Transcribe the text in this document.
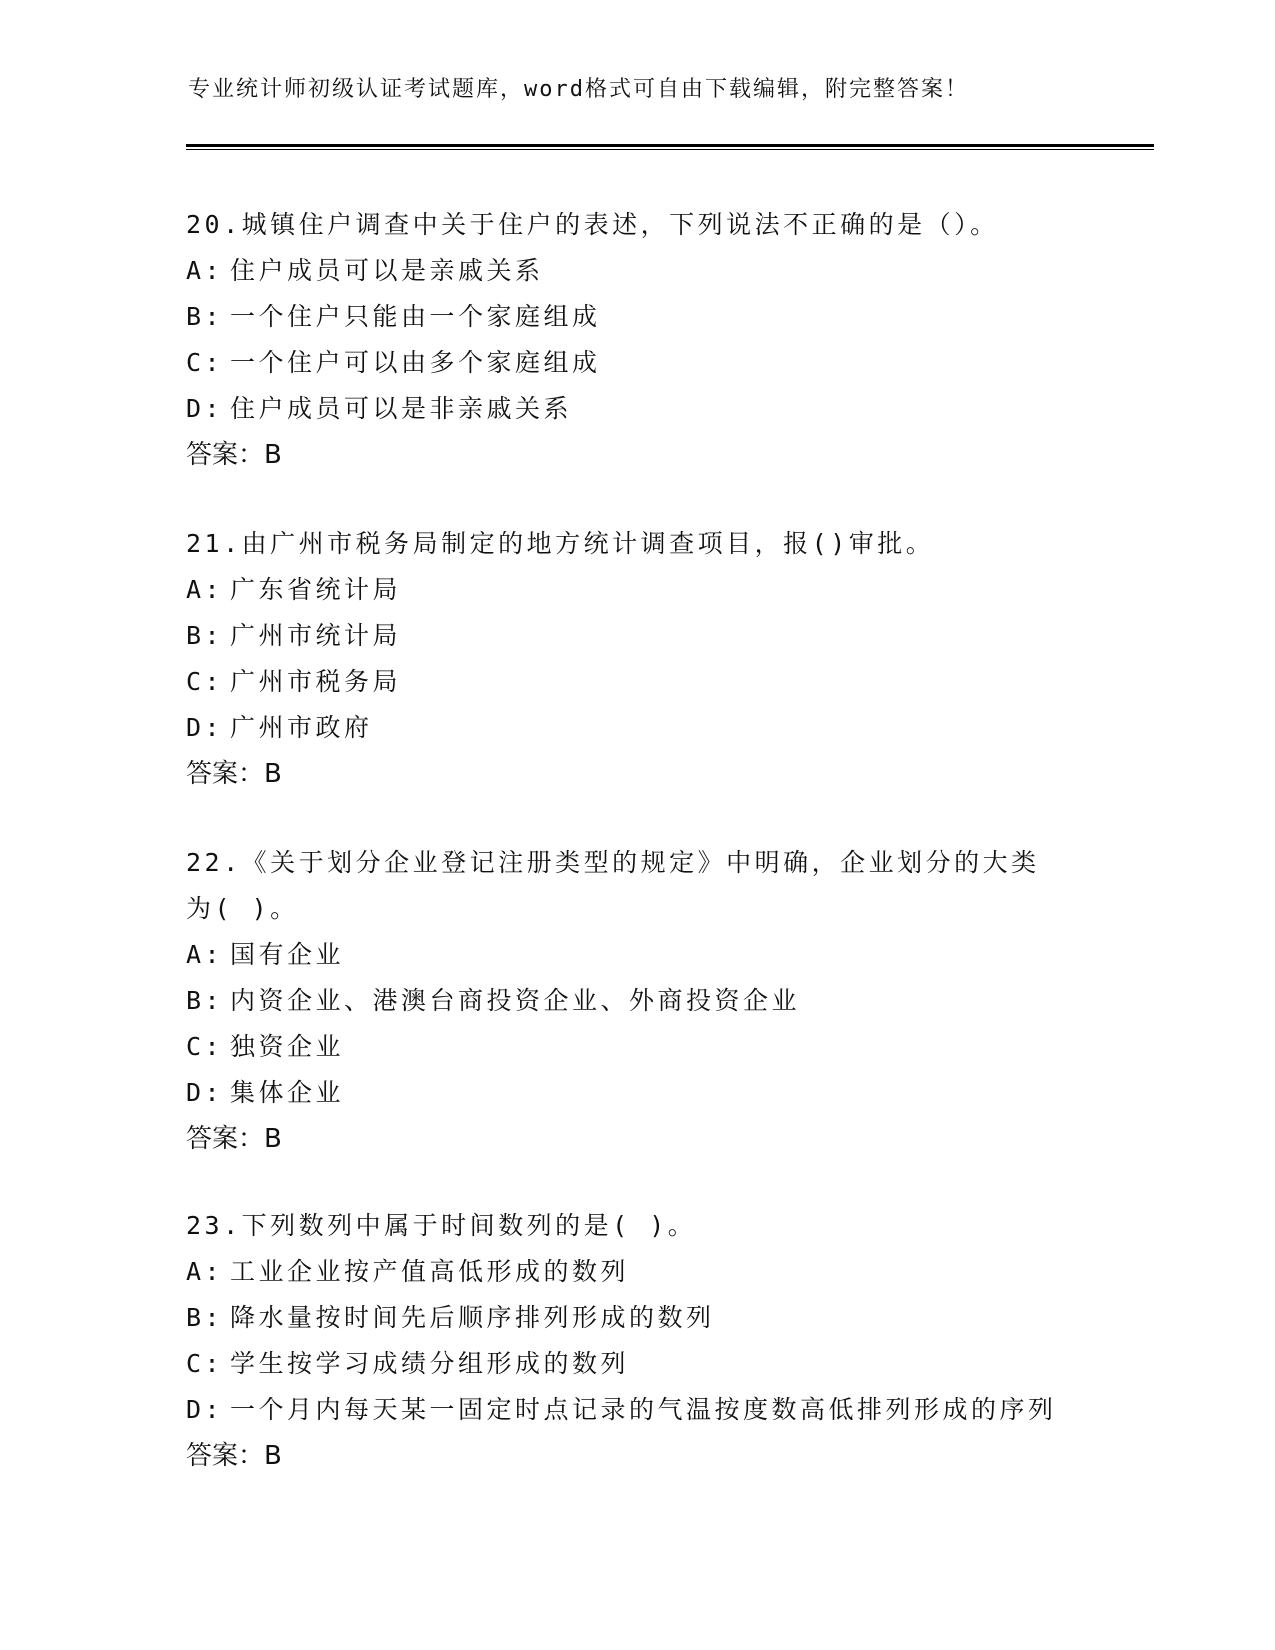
专业统计师初级认证考试题库，word格式可自由下载编辑，附完整答案！

20.城镇住户调查中关于住户的表述，下列说法不正确的是（）。

A: 住户成员可以是亲戚关系

B: 一个住户只能由一个家庭组成

C: 一个住户可以由多个家庭组成

D: 住户成员可以是非亲戚关系

答案：B

21.由广州市税务局制定的地方统计调查项目，报()审批。

A: 广东省统计局

B: 广州市统计局

C: 广州市税务局

D: 广州市政府

答案：B

22.《关于划分企业登记注册类型的规定》中明确，企业划分的大类为( )。

A: 国有企业

B: 内资企业、港澳台商投资企业、外商投资企业

C: 独资企业

D: 集体企业

答案：B

23.下列数列中属于时间数列的是( )。

A: 工业企业按产值高低形成的数列

B: 降水量按时间先后顺序排列形成的数列

C: 学生按学习成绩分组形成的数列

D: 一个月内每天某一固定时点记录的气温按度数高低排列形成的序列

答案：B
